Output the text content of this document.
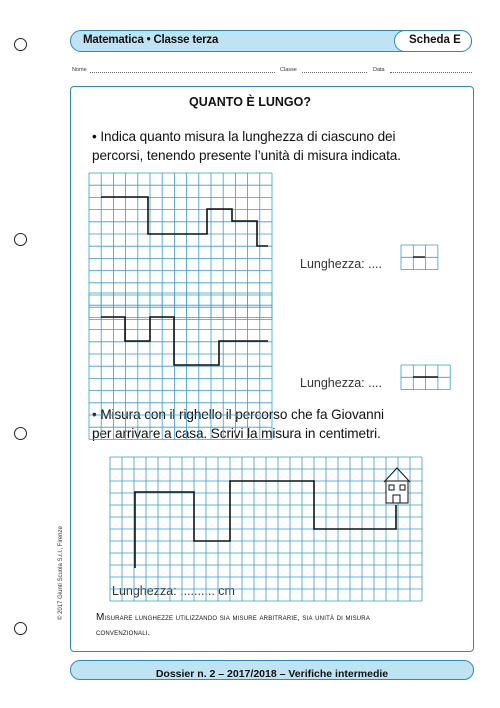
Matematica • Classe terza	Scheda E
Nome	Classe	Data
QUANTO È LUNGO?
• Indica quanto misura la lunghezza di ciascuno dei
percorsi, tenendo presente l’unità di misura indicata.
• Misura con il righello il percorso che fa Giovanni
per arrivare a casa. Scrivi la misura in centimetri.
Lunghezza: ....
Lunghezza: ....
Lunghezza: .......... cm
Misurare lunghezze utilizzando sia misure arbitrarie, sia unità di misura
convenzionali.
© 2017 Giunti Scuola S.r.l., Firenze
Dossier n. 2 – 2017/2018 – Verifiche intermedie
